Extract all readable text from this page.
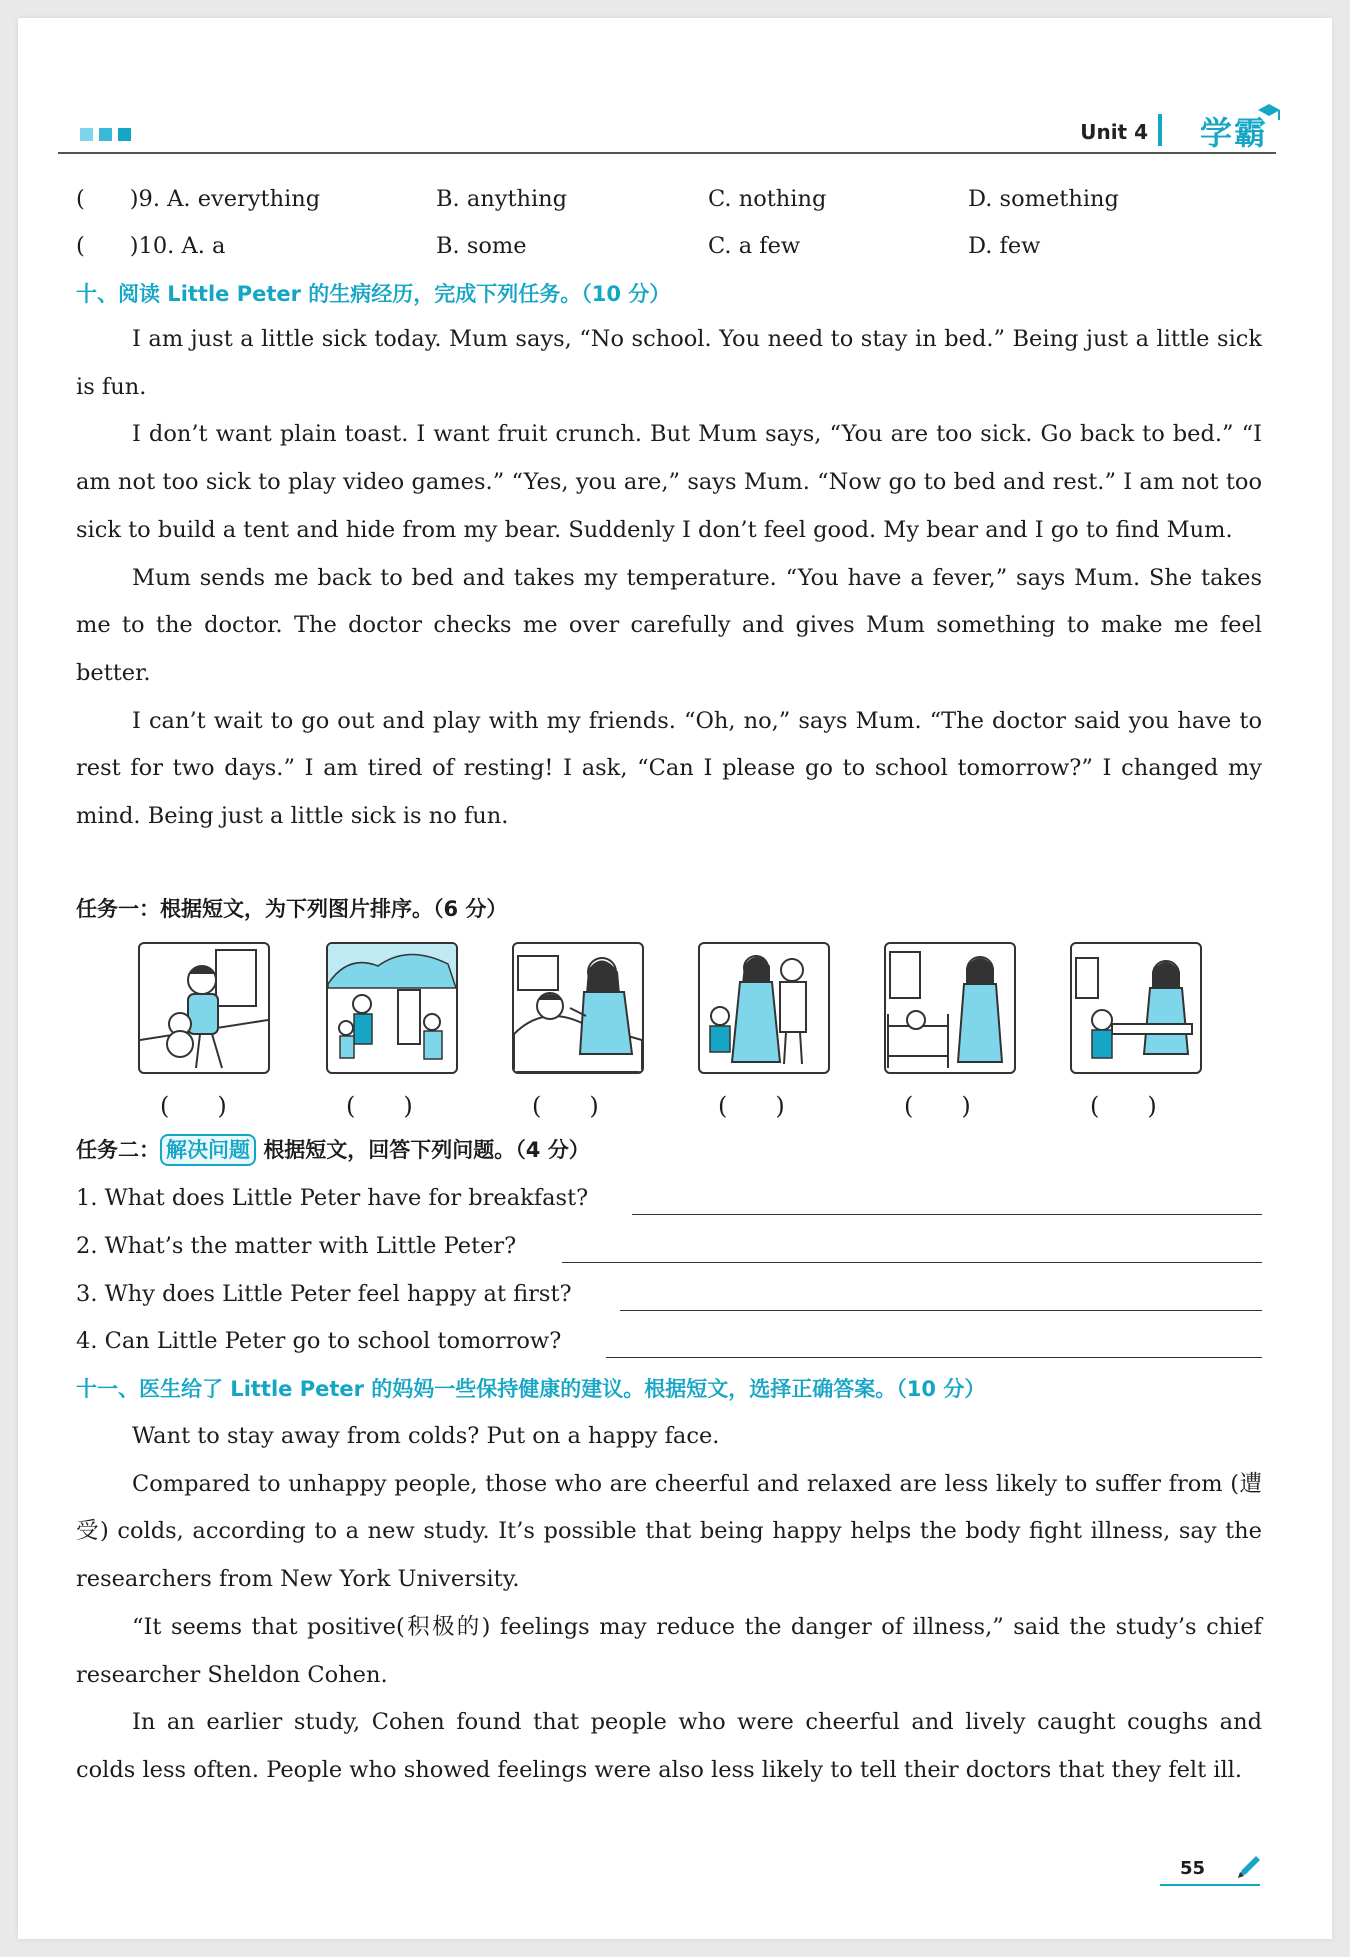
Unit 4 学霸
(　　)9. A. everything	B. anything	C. nothing	D. something
(　　)10. A. a	B. some	C. a few	D. few
十、阅读 Little Peter 的生病经历，完成下列任务。（10 分）

I am just a little sick today. Mum says, “No school. You need to stay in bed.” Being just a little sick is fun.

I don’t want plain toast. I want fruit crunch. But Mum says, “You are too sick. Go back to bed.” “I am not too sick to play video games.” “Yes, you are,” says Mum. “Now go to bed and rest.” I am not too sick to build a tent and hide from my bear. Suddenly I don’t feel good. My bear and I go to find Mum.

Mum sends me back to bed and takes my temperature. “You have a fever,” says Mum. She takes me to the doctor. The doctor checks me over carefully and gives Mum something to make me feel better.

I can’t wait to go out and play with my friends. “Oh, no,” says Mum. “The doctor said you have to rest for two days.” I am tired of resting! I ask, “Can I please go to school tomorrow?” I changed my mind. Being just a little sick is no fun.

任务一：根据短文，为下列图片排序。（6 分）
(　　)	(　　)	(　　)	(　　)	(　　)	(　　)
任务二： 解决问题 根据短文，回答下列问题。（4 分）
1. What does Little Peter have for breakfast?
2. What’s the matter with Little Peter?
3. Why does Little Peter feel happy at first?
4. Can Little Peter go to school tomorrow?
十一、医生给了 Little Peter 的妈妈一些保持健康的建议。根据短文，选择正确答案。（10 分）

Want to stay away from colds? Put on a happy face.

Compared to unhappy people, those who are cheerful and relaxed are less likely to suffer from (遭受) colds, according to a new study. It’s possible that being happy helps the body fight illness, say the researchers from New York University.

“It seems that positive(积极的) feelings may reduce the danger of illness,” said the study’s chief researcher Sheldon Cohen.

In an earlier study, Cohen found that people who were cheerful and lively caught coughs and colds less often. People who showed feelings were also less likely to tell their doctors that they felt ill.

55
